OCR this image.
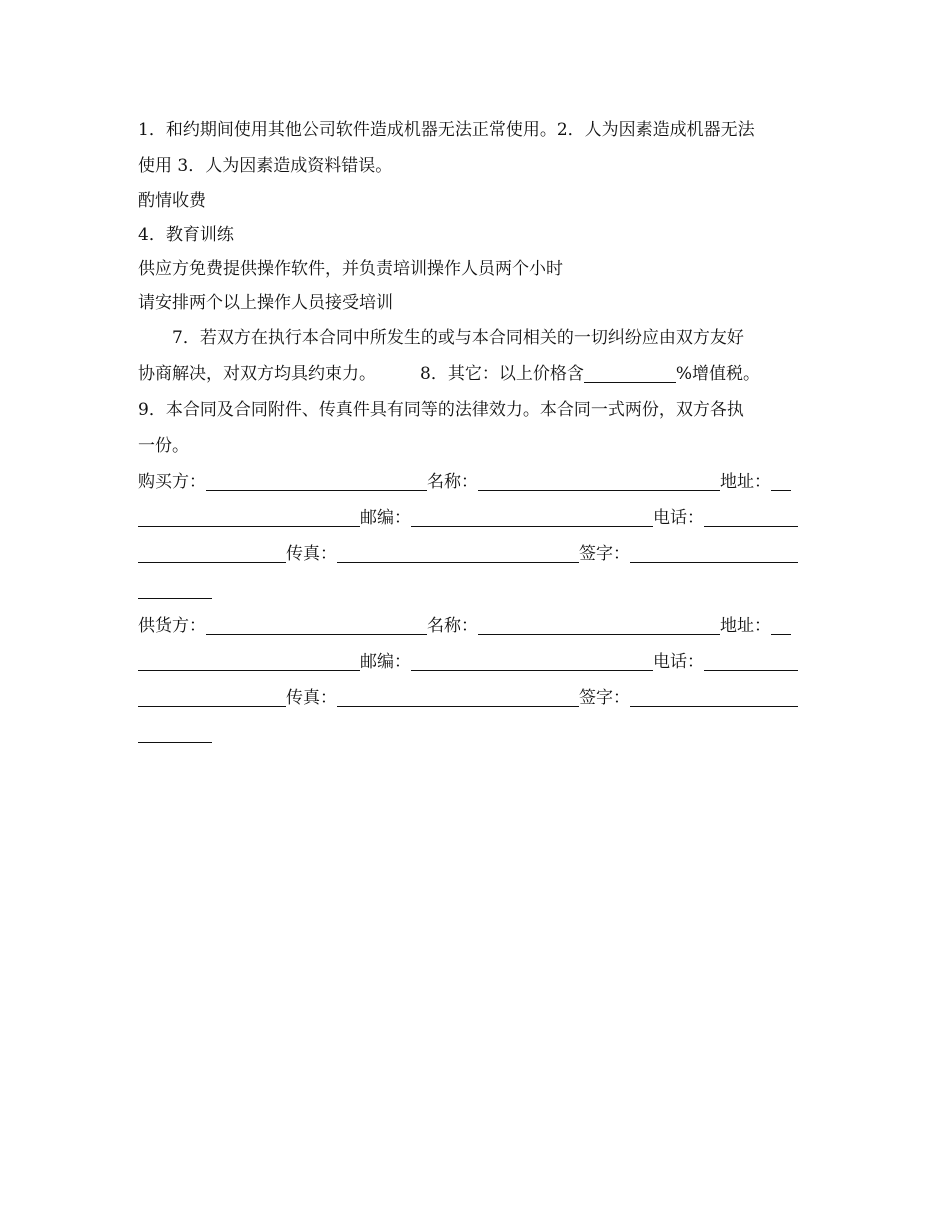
1．和约期间使用其他公司软件造成机器无法正常使用。2．人为因素造成机器无法
使用 3．人为因素造成资料错误。
酌情收费
4．教育训练
供应方免费提供操作软件，并负责培训操作人员两个小时
请安排两个以上操作人员接受培训
7．若双方在执行本合同中所发生的或与本合同相关的一切纠纷应由双方友好
协商解决，对双方均具约束力。	8．其它：以上价格含	%增值税。
9．本合同及合同附件、传真件具有同等的法律效力。本合同一式两份，双方各执
一份。
购买方：	名称：	地址：
邮编：	电话：
传真：	签字：
供货方：	名称：	地址：
邮编：	电话：
传真：	签字：
